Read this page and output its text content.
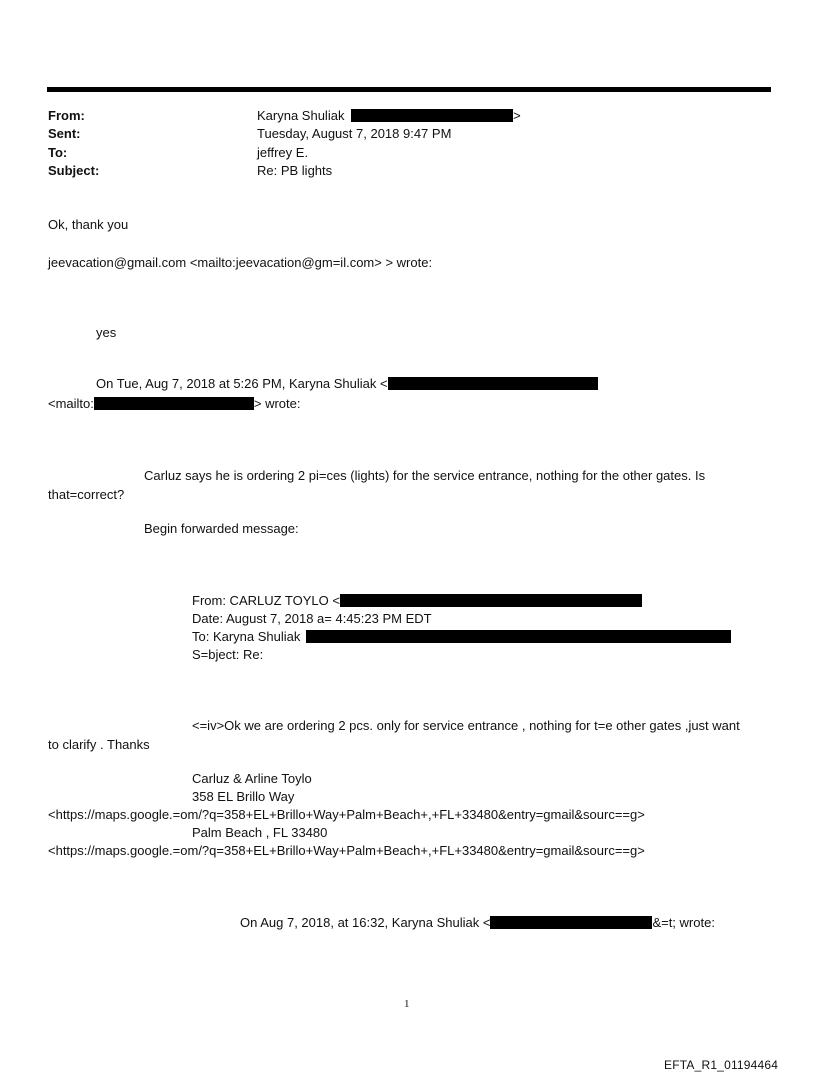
From:	Karyna Shuliak	>
Sent:	Tuesday, August 7, 2018 9:47 PM
To:	jeffrey E.
Subject:	Re: PB lights
Ok, thank you
jeevacation@gmail.com <mailto:jeevacation@gm=il.com> > wrote:
yes
On Tue, Aug 7, 2018 at 5:26 PM, Karyna Shuliak <
<mailto:	> wrote:
Carluz says he is ordering 2 pi=ces (lights) for the service entrance, nothing for the other gates. Is
that=correct?
Begin forwarded message:
From: CARLUZ TOYLO <
Date: August 7, 2018 a= 4:45:23 PM EDT
To: Karyna Shuliak
S=bject: Re:
<=iv>Ok we are ordering 2 pcs. only for service entrance , nothing for t=e other gates ,just want
to clarify . Thanks
Carluz & Arline Toylo
358 EL Brillo Way
<https://maps.google.=om/?q=358+EL+Brillo+Way+Palm+Beach+,+FL+33480&entry=gmail&sourc==g>
Palm Beach , FL 33480
<https://maps.google.=om/?q=358+EL+Brillo+Way+Palm+Beach+,+FL+33480&entry=gmail&sourc==g>
On Aug 7, 2018, at 16:32, Karyna Shuliak <	&=t; wrote:
1
EFTA_R1_01194464
